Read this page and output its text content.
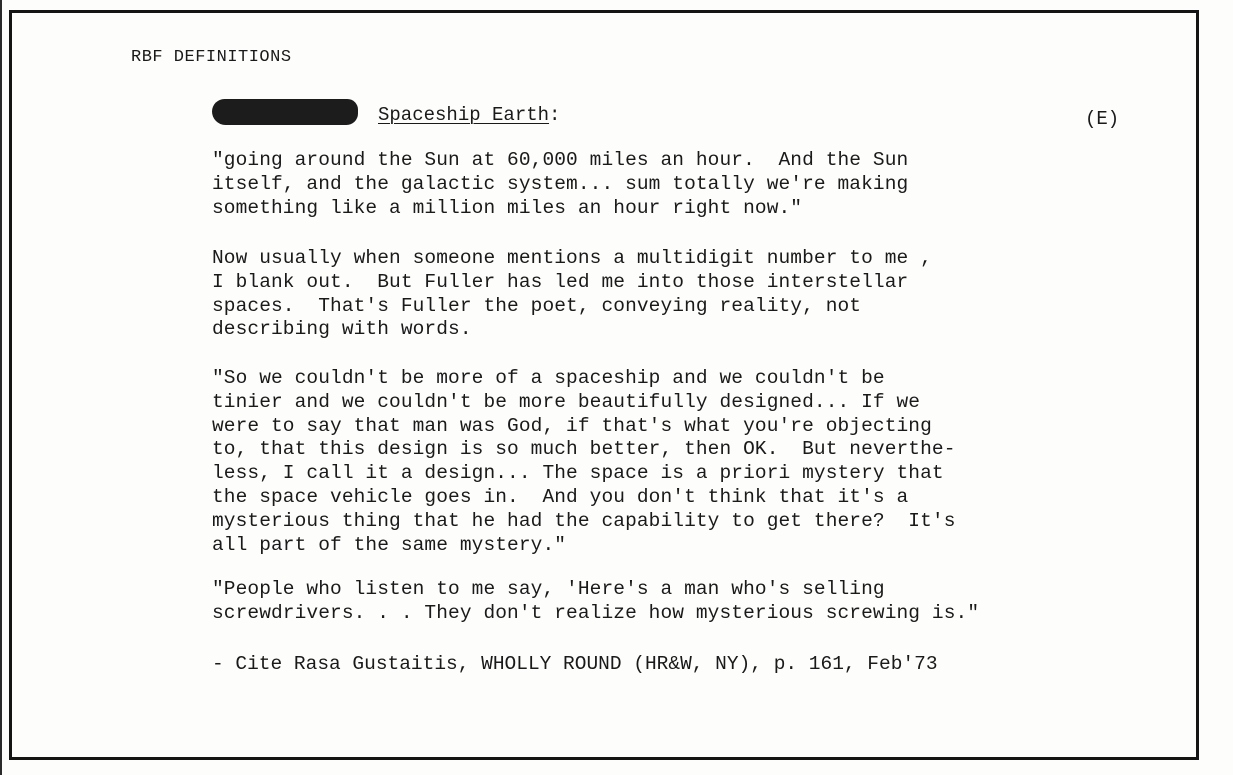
RBF DEFINITIONS
Spaceship Earth:	(E)
"going around the Sun at 60,000 miles an hour.  And the Sun
itself, and the galactic system... sum totally we're making
something like a million miles an hour right now."
Now usually when someone mentions a multidigit number to me ,
I blank out.  But Fuller has led me into those interstellar
spaces.  That's Fuller the poet, conveying reality, not
describing with words.
"So we couldn't be more of a spaceship and we couldn't be
tinier and we couldn't be more beautifully designed... If we
were to say that man was God, if that's what you're objecting
to, that this design is so much better, then OK.  But neverthe-
less, I call it a design... The space is a priori mystery that
the space vehicle goes in.  And you don't think that it's a
mysterious thing that he had the capability to get there?  It's
all part of the same mystery."
"People who listen to me say, 'Here's a man who's selling
screwdrivers. . . They don't realize how mysterious screwing is."
- Cite Rasa Gustaitis, WHOLLY ROUND (HR&W, NY), p. 161, Feb'73
